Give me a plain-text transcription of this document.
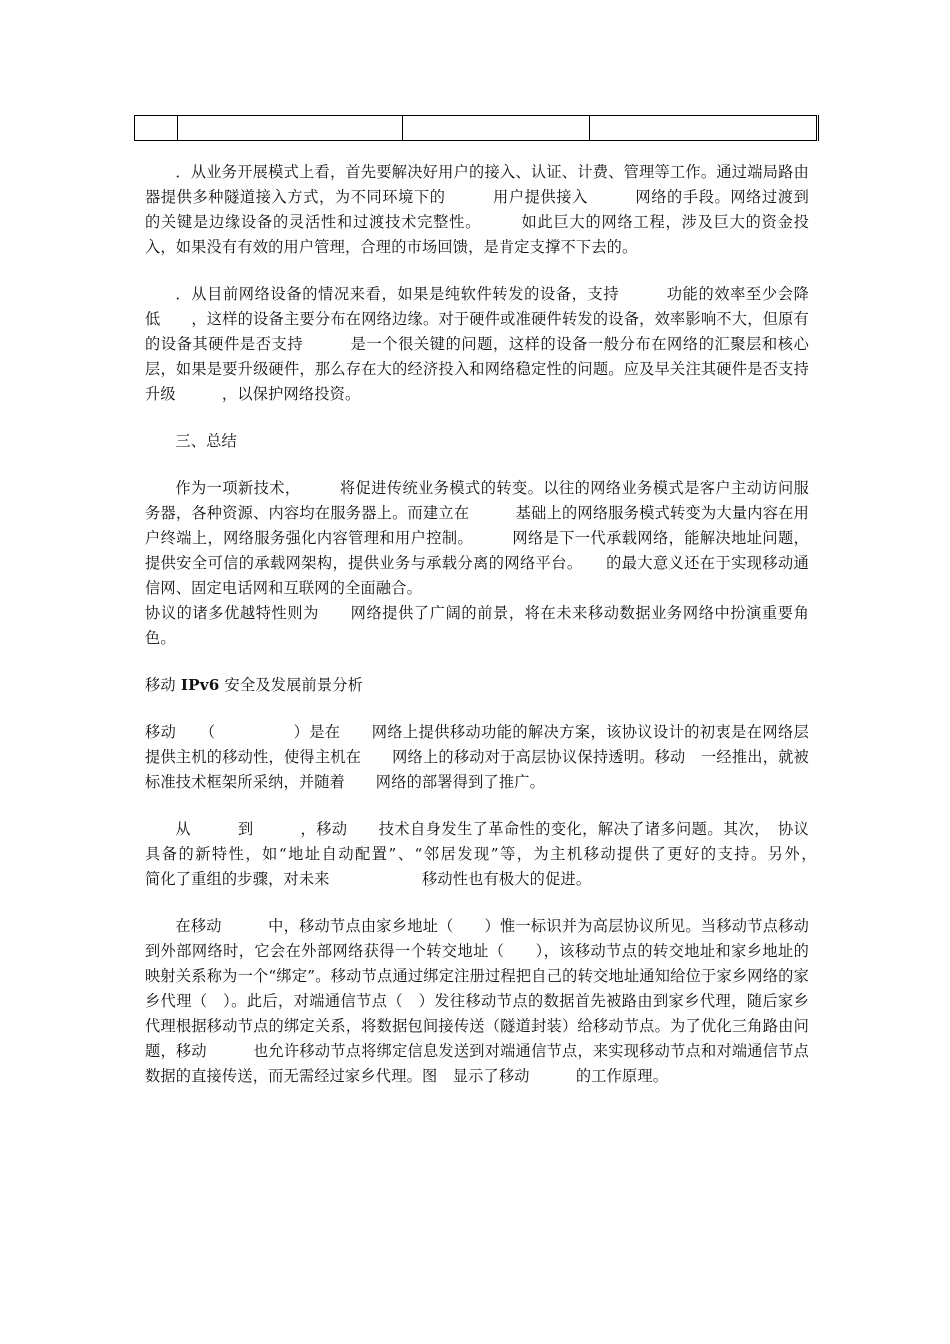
．从业务开展模式上看，首先要解决好用户的接入、认证、计费、管理等工作。通过端局路由器提供多种隧道接入方式，为不同环境下的　　　用户提供接入　　　网络的手段。网络过渡到　　　的关键是边缘设备的灵活性和过渡技术完整性。　　　如此巨大的网络工程，涉及巨大的资金投入，如果没有有效的用户管理，合理的市场回馈，是肯定支撑不下去的。

．从目前网络设备的情况来看，如果是纯软件转发的设备，支持　　　功能的效率至少会降低　　，这样的设备主要分布在网络边缘。对于硬件或准硬件转发的设备，效率影响不大，但原有的设备其硬件是否支持　　　是一个很关键的问题，这样的设备一般分布在网络的汇聚层和核心层，如果是要升级硬件，那么存在大的经济投入和网络稳定性的问题。应及早关注其硬件是否支持升级　　　，以保护网络投资。

三、总结

作为一项新技术，　　　将促进传统业务模式的转变。以往的网络业务模式是客户主动访问服务器，各种资源、内容均在服务器上。而建立在　　　基础上的网络服务模式转变为大量内容在用户终端上，网络服务强化内容管理和用户控制。　　　网络是下一代承载网络，能解决地址问题，提供安全可信的承载网架构，提供业务与承载分离的网络平台。　　的最大意义还在于实现移动通信网、固定电话网和互联网的全面融合。
协议的诸多优越特性则为　　网络提供了广阔的前景，将在未来移动数据业务网络中扮演重要角色。

移动 IPv6 安全及发展前景分析

移动　　（　　　　　）是在　　网络上提供移动功能的解决方案，该协议设计的初衷是在网络层提供主机的移动性，使得主机在　　网络上的移动对于高层协议保持透明。移动　一经推出，就被　　标准技术框架所采纳，并随着　　网络的部署得到了推广。

从　　　到　　　，移动　　技术自身发生了革命性的变化，解决了诸多问题。其次，　协议具备的新特性，如“地址自动配置”、“邻居发现”等，为主机移动提供了更好的支持。另外，　　　简化了重组的步骤，对未来　　　　　　移动性也有极大的促进。

在移动　　　中，移动节点由家乡地址（　　）惟一标识并为高层协议所见。当移动节点移动到外部网络时，它会在外部网络获得一个转交地址（　　），该移动节点的转交地址和家乡地址的映射关系称为一个“绑定”。移动节点通过绑定注册过程把自己的转交地址通知给位于家乡网络的家乡代理（　）。此后，对端通信节点（　）发往移动节点的数据首先被路由到家乡代理，随后家乡代理根据移动节点的绑定关系，将数据包间接传送（隧道封装）给移动节点。为了优化三角路由问题，移动　　　也允许移动节点将绑定信息发送到对端通信节点，来实现移动节点和对端通信节点数据的直接传送，而无需经过家乡代理。图　显示了移动　　　的工作原理。
